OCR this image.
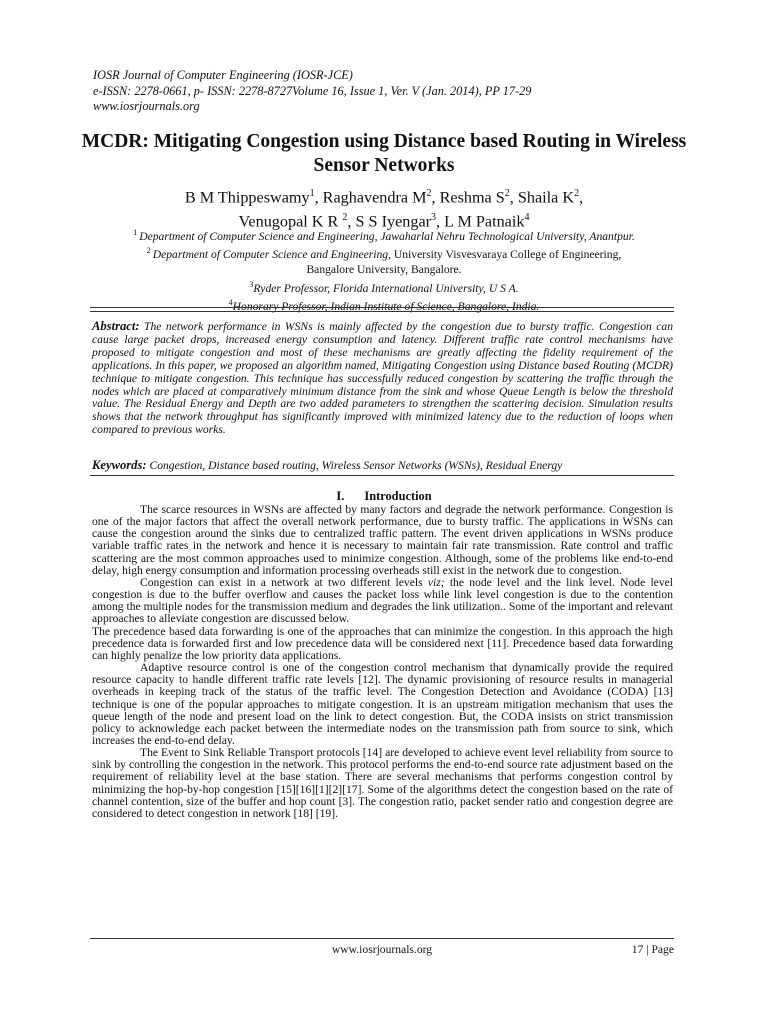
IOSR Journal of Computer Engineering (IOSR-JCE)
e-ISSN: 2278-0661, p- ISSN: 2278-8727Volume 16, Issue 1, Ver. V (Jan. 2014), PP 17-29
www.iosrjournals.org
MCDR: Mitigating Congestion using Distance based Routing in Wireless Sensor Networks
B M Thippeswamy$^1$, Raghavendra $M^2$, Reshma $S^2$, Shaila $K^2$,
Venugopal K R $^2$, S S Iyengar$^3$, L M Patnaik$^4$
$^1$ Department of Computer Science and Engineering, Jawaharlal Nehru Technological University, Anantpur.
$^2$ Department of Computer Science and Engineering, University Visvesvaraya College of Engineering,
Bangalore University, Bangalore.
$^3$Ryder Professor, Florida International University, U S A.
$^4$Honorary Professor, Indian Institute of Science, Bangalore, India.
Abstract: The network performance in WSNs is mainly affected by the congestion due to bursty traffic. Congestion can cause large packet drops, increased energy consumption and latency. Different traffic rate control mechanisms have proposed to mitigate congestion and most of these mechanisms are greatly affecting the fidelity requirement of the applications. In this paper, we proposed an algorithm named, Mitigating Congestion using Distance based Routing (MCDR) technique to mitigate congestion. This technique has successfully reduced congestion by scattering the traffic through the nodes which are placed at comparatively minimum distance from the sink and whose Queue Length is below the threshold value. The Residual Energy and Depth are two added parameters to strengthen the scattering decision. Simulation results shows that the network throughput has significantly improved with minimized latency due to the reduction of loops when compared to previous works.
Keywords: Congestion, Distance based routing, Wireless Sensor Networks (WSNs), Residual Energy
I. Introduction

The scarce resources in WSNs are affected by many factors and degrade the network performance. Congestion is one of the major factors that affect the overall network performance, due to bursty traffic. The applications in WSNs can cause the congestion around the sinks due to centralized traffic pattern. The event driven applications in WSNs produce variable traffic rates in the network and hence it is necessary to maintain fair rate transmission. Rate control and traffic scattering are the most common approaches used to minimize congestion. Although, some of the problems like end-to-end delay, high energy consumption and information processing overheads still exist in the network due to congestion.

Congestion can exist in a network at two different levels viz; the node level and the link level. Node level congestion is due to the buffer overflow and causes the packet loss while link level congestion is due to the contention among the multiple nodes for the transmission medium and degrades the link utilization.. Some of the important and relevant approaches to alleviate congestion are discussed below.

The precedence based data forwarding is one of the approaches that can minimize the congestion. In this approach the high precedence data is forwarded first and low precedence data will be considered next [11]. Precedence based data forwarding can highly penalize the low priority data applications.

Adaptive resource control is one of the congestion control mechanism that dynamically provide the required resource capacity to handle different traffic rate levels [12]. The dynamic provisioning of resource results in managerial overheads in keeping track of the status of the traffic level. The Congestion Detection and Avoidance (CODA) [13] technique is one of the popular approaches to mitigate congestion. It is an upstream mitigation mechanism that uses the queue length of the node and present load on the link to detect congestion. But, the CODA insists on strict transmission policy to acknowledge each packet between the intermediate nodes on the transmission path from source to sink, which increases the end-to-end delay.

The Event to Sink Reliable Transport protocols [14] are developed to achieve event level reliability from source to sink by controlling the congestion in the network. This protocol performs the end-to-end source rate adjustment based on the requirement of reliability level at the base station. There are several mechanisms that performs congestion control by minimizing the hop-by-hop congestion [15][16][1][2][17]. Some of the algorithms detect the congestion based on the rate of channel contention, size of the buffer and hop count [3]. The congestion ratio, packet sender ratio and congestion degree are considered to detect congestion in network [18] [19].

www.iosrjournals.org	17 | Page
